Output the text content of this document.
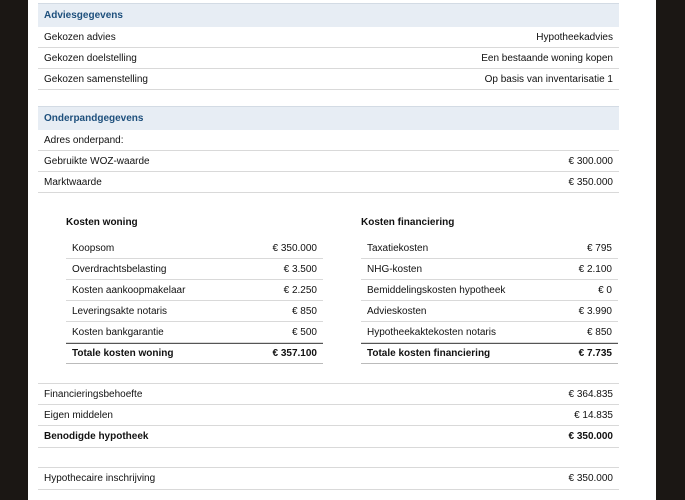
Adviesgegevens
Gekozen advies	Hypotheekadvies
Gekozen doelstelling	Een bestaande woning kopen
Gekozen samenstelling	Op basis van inventarisatie 1
Onderpandgegevens
Adres onderpand:
Gebruikte WOZ-waarde	€ 300.000
Marktwaarde	€ 350.000
Kosten woning
Koopsom	€ 350.000
Overdrachtsbelasting	€ 3.500
Kosten aankoopmakelaar	€ 2.250
Leveringsakte notaris	€ 850
Kosten bankgarantie	€ 500
Totale kosten woning	€ 357.100
Kosten financiering
Taxatiekosten	€ 795
NHG-kosten	€ 2.100
Bemiddelingskosten hypotheek	€ 0
Advieskosten	€ 3.990
Hypotheekaktekosten notaris	€ 850
Totale kosten financiering	€ 7.735
Financieringsbehoefte	€ 364.835
Eigen middelen	€ 14.835
Benodigde hypotheek	€ 350.000
Hypothecaire inschrijving	€ 350.000
